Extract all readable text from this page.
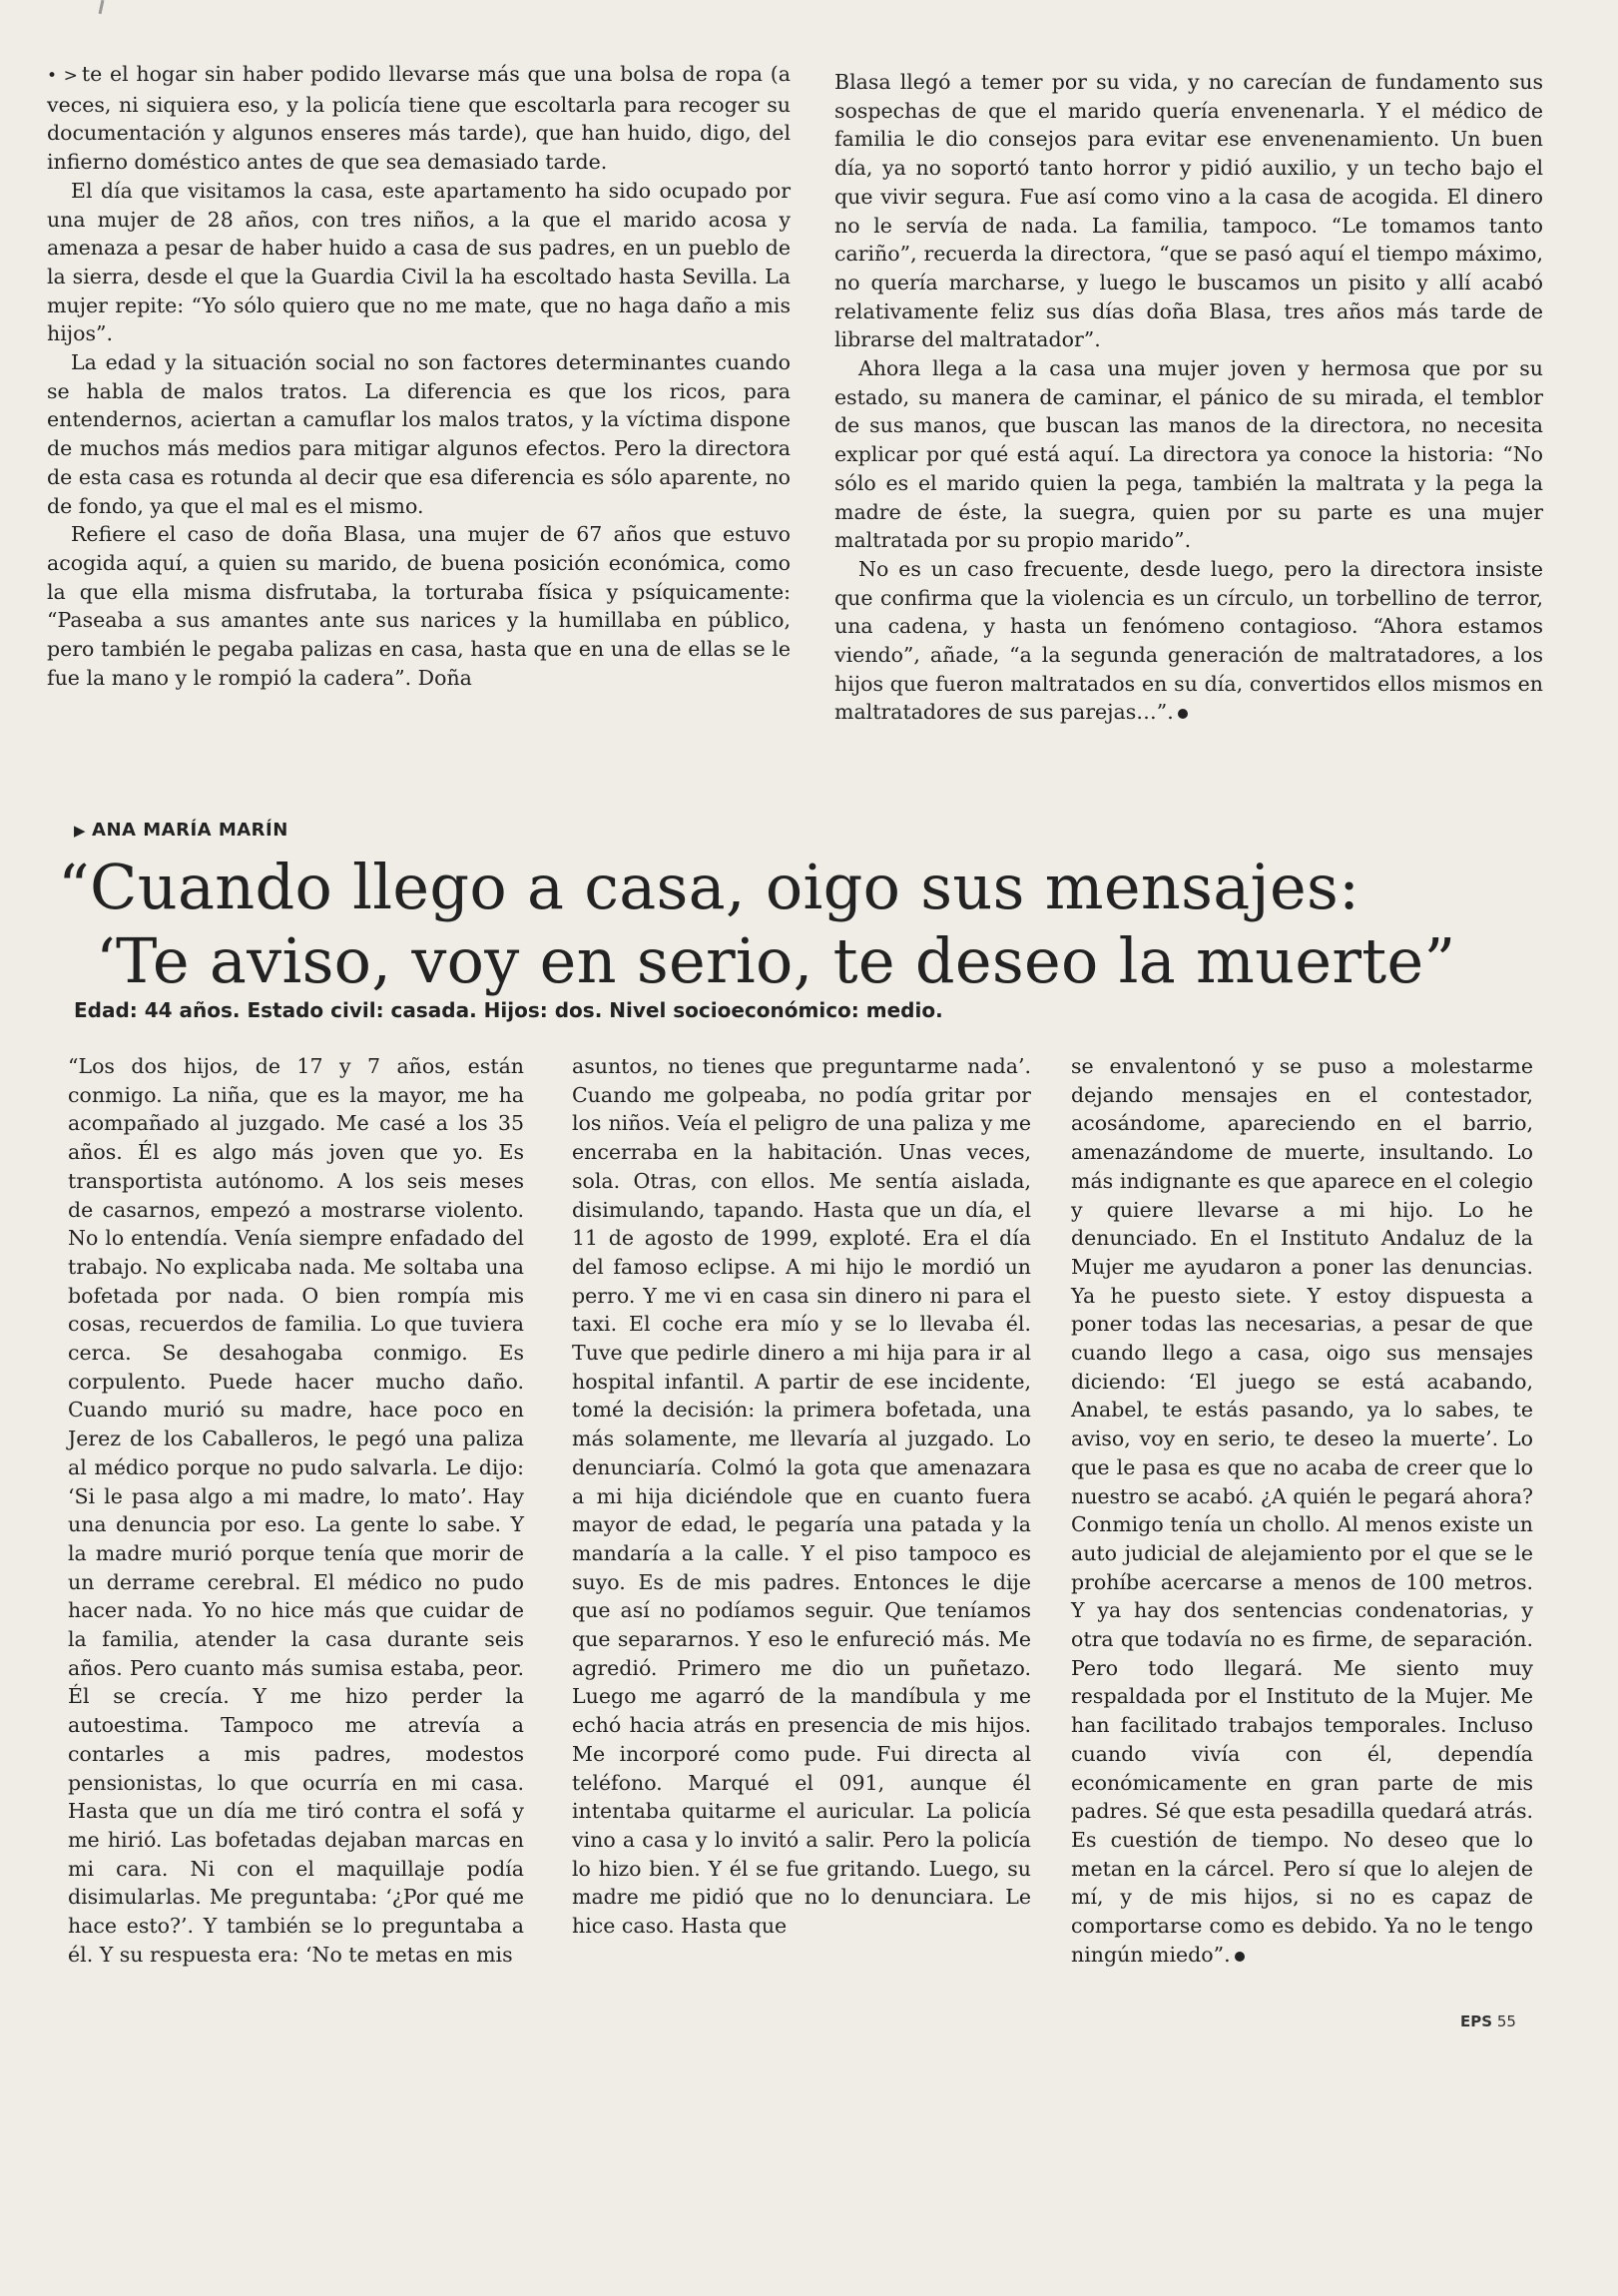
• > te el hogar sin haber podido llevarse más que una bolsa de ropa (a veces, ni siquiera eso, y la policía tiene que escoltarla para recoger su documentación y algunos enseres más tarde), que han huido, digo, del infierno doméstico antes de que sea demasiado tarde.

El día que visitamos la casa, este apartamento ha sido ocupado por una mujer de 28 años, con tres niños, a la que el marido acosa y amenaza a pesar de haber huido a casa de sus padres, en un pueblo de la sierra, desde el que la Guardia Civil la ha escoltado hasta Sevilla. La mujer repite: “Yo sólo quiero que no me mate, que no haga daño a mis hijos”.

La edad y la situación social no son factores determinantes cuando se habla de malos tratos. La diferencia es que los ricos, para entendernos, aciertan a camuflar los malos tratos, y la víctima dispone de muchos más medios para mitigar algunos efectos. Pero la directora de esta casa es rotunda al decir que esa diferencia es sólo aparente, no de fondo, ya que el mal es el mismo.

Refiere el caso de doña Blasa, una mujer de 67 años que estuvo acogida aquí, a quien su marido, de buena posición económica, como la que ella misma disfrutaba, la torturaba física y psíquicamente: “Paseaba a sus amantes ante sus narices y la humillaba en público, pero también le pegaba palizas en casa, hasta que en una de ellas se le fue la mano y le rompió la cadera”. Doña

Blasa llegó a temer por su vida, y no carecían de fundamento sus sospechas de que el marido quería envenenarla. Y el médico de familia le dio consejos para evitar ese envenenamiento. Un buen día, ya no soportó tanto horror y pidió auxilio, y un techo bajo el que vivir segura. Fue así como vino a la casa de acogida. El dinero no le servía de nada. La familia, tampoco. “Le tomamos tanto cariño”, recuerda la directora, “que se pasó aquí el tiempo máximo, no quería marcharse, y luego le buscamos un pisito y allí acabó relativamente feliz sus días doña Blasa, tres años más tarde de librarse del maltratador”.

Ahora llega a la casa una mujer joven y hermosa que por su estado, su manera de caminar, el pánico de su mirada, el temblor de sus manos, que buscan las manos de la directora, no necesita explicar por qué está aquí. La directora ya conoce la historia: “No sólo es el marido quien la pega, también la maltrata y la pega la madre de éste, la suegra, quien por su parte es una mujer maltratada por su propio marido”.

No es un caso frecuente, desde luego, pero la directora insiste que confirma que la violencia es un círculo, un torbellino de terror, una cadena, y hasta un fenómeno contagioso. “Ahora estamos viendo”, añade, “a la segunda generación de maltratadores, a los hijos que fueron maltratados en su día, convertidos ellos mismos en maltratadores de sus parejas…”.

▶ ANA MARÍA MARÍN
“Cuando llego a casa, oigo sus mensajes:
‘Te aviso, voy en serio, te deseo la muerte”
Edad: 44 años. Estado civil: casada. Hijos: dos. Nivel socioeconómico: medio.

“Los dos hijos, de 17 y 7 años, están conmigo. La niña, que es la mayor, me ha acompañado al juzgado. Me casé a los 35 años. Él es algo más joven que yo. Es transportista autónomo. A los seis meses de casarnos, empezó a mostrarse violento. No lo entendía. Venía siempre enfadado del trabajo. No explicaba nada. Me soltaba una bofetada por nada. O bien rompía mis cosas, recuerdos de familia. Lo que tuviera cerca. Se desahogaba conmigo. Es corpulento. Puede hacer mucho daño. Cuando murió su madre, hace poco en Jerez de los Caballeros, le pegó una paliza al médico porque no pudo salvarla. Le dijo: ‘Si le pasa algo a mi madre, lo mato’. Hay una denuncia por eso. La gente lo sabe. Y la madre murió porque tenía que morir de un derrame cerebral. El médico no pudo hacer nada. Yo no hice más que cuidar de la familia, atender la casa durante seis años. Pero cuanto más sumisa estaba, peor. Él se crecía. Y me hizo perder la autoestima. Tampoco me atrevía a contarles a mis padres, modestos pensionistas, lo que ocurría en mi casa. Hasta que un día me tiró contra el sofá y me hirió. Las bofetadas dejaban marcas en mi cara. Ni con el maquillaje podía disimularlas. Me preguntaba: ‘¿Por qué me hace esto?’. Y también se lo preguntaba a él. Y su respuesta era: ‘No te metas en mis

asuntos, no tienes que preguntarme nada’. Cuando me golpeaba, no podía gritar por los niños. Veía el peligro de una paliza y me encerraba en la habitación. Unas veces, sola. Otras, con ellos. Me sentía aislada, disimulando, tapando. Hasta que un día, el 11 de agosto de 1999, exploté. Era el día del famoso eclipse. A mi hijo le mordió un perro. Y me vi en casa sin dinero ni para el taxi. El coche era mío y se lo llevaba él. Tuve que pedirle dinero a mi hija para ir al hospital infantil. A partir de ese incidente, tomé la decisión: la primera bofetada, una más solamente, me llevaría al juzgado. Lo denunciaría. Colmó la gota que amenazara a mi hija diciéndole que en cuanto fuera mayor de edad, le pegaría una patada y la mandaría a la calle. Y el piso tampoco es suyo. Es de mis padres. Entonces le dije que así no podíamos seguir. Que teníamos que separarnos. Y eso le enfureció más. Me agredió. Primero me dio un puñetazo. Luego me agarró de la mandíbula y me echó hacia atrás en presencia de mis hijos. Me incorporé como pude. Fui directa al teléfono. Marqué el 091, aunque él intentaba quitarme el auricular. La policía vino a casa y lo invitó a salir. Pero la policía lo hizo bien. Y él se fue gritando. Luego, su madre me pidió que no lo denunciara. Le hice caso. Hasta que

se envalentonó y se puso a molestarme dejando mensajes en el contestador, acosándome, apareciendo en el barrio, amenazándome de muerte, insultando. Lo más indignante es que aparece en el colegio y quiere llevarse a mi hijo. Lo he denunciado. En el Instituto Andaluz de la Mujer me ayudaron a poner las denuncias. Ya he puesto siete. Y estoy dispuesta a poner todas las necesarias, a pesar de que cuando llego a casa, oigo sus mensajes diciendo: ‘El juego se está acabando, Anabel, te estás pasando, ya lo sabes, te aviso, voy en serio, te deseo la muerte’. Lo que le pasa es que no acaba de creer que lo nuestro se acabó. ¿A quién le pegará ahora? Conmigo tenía un chollo. Al menos existe un auto judicial de alejamiento por el que se le prohíbe acercarse a menos de 100 metros. Y ya hay dos sentencias condenatorias, y otra que todavía no es firme, de separación. Pero todo llegará. Me siento muy respaldada por el Instituto de la Mujer. Me han facilitado trabajos temporales. Incluso cuando vivía con él, dependía económicamente en gran parte de mis padres. Sé que esta pesadilla quedará atrás. Es cuestión de tiempo. No deseo que lo metan en la cárcel. Pero sí que lo alejen de mí, y de mis hijos, si no es capaz de comportarse como es debido. Ya no le tengo ningún miedo”.

EPS 55
